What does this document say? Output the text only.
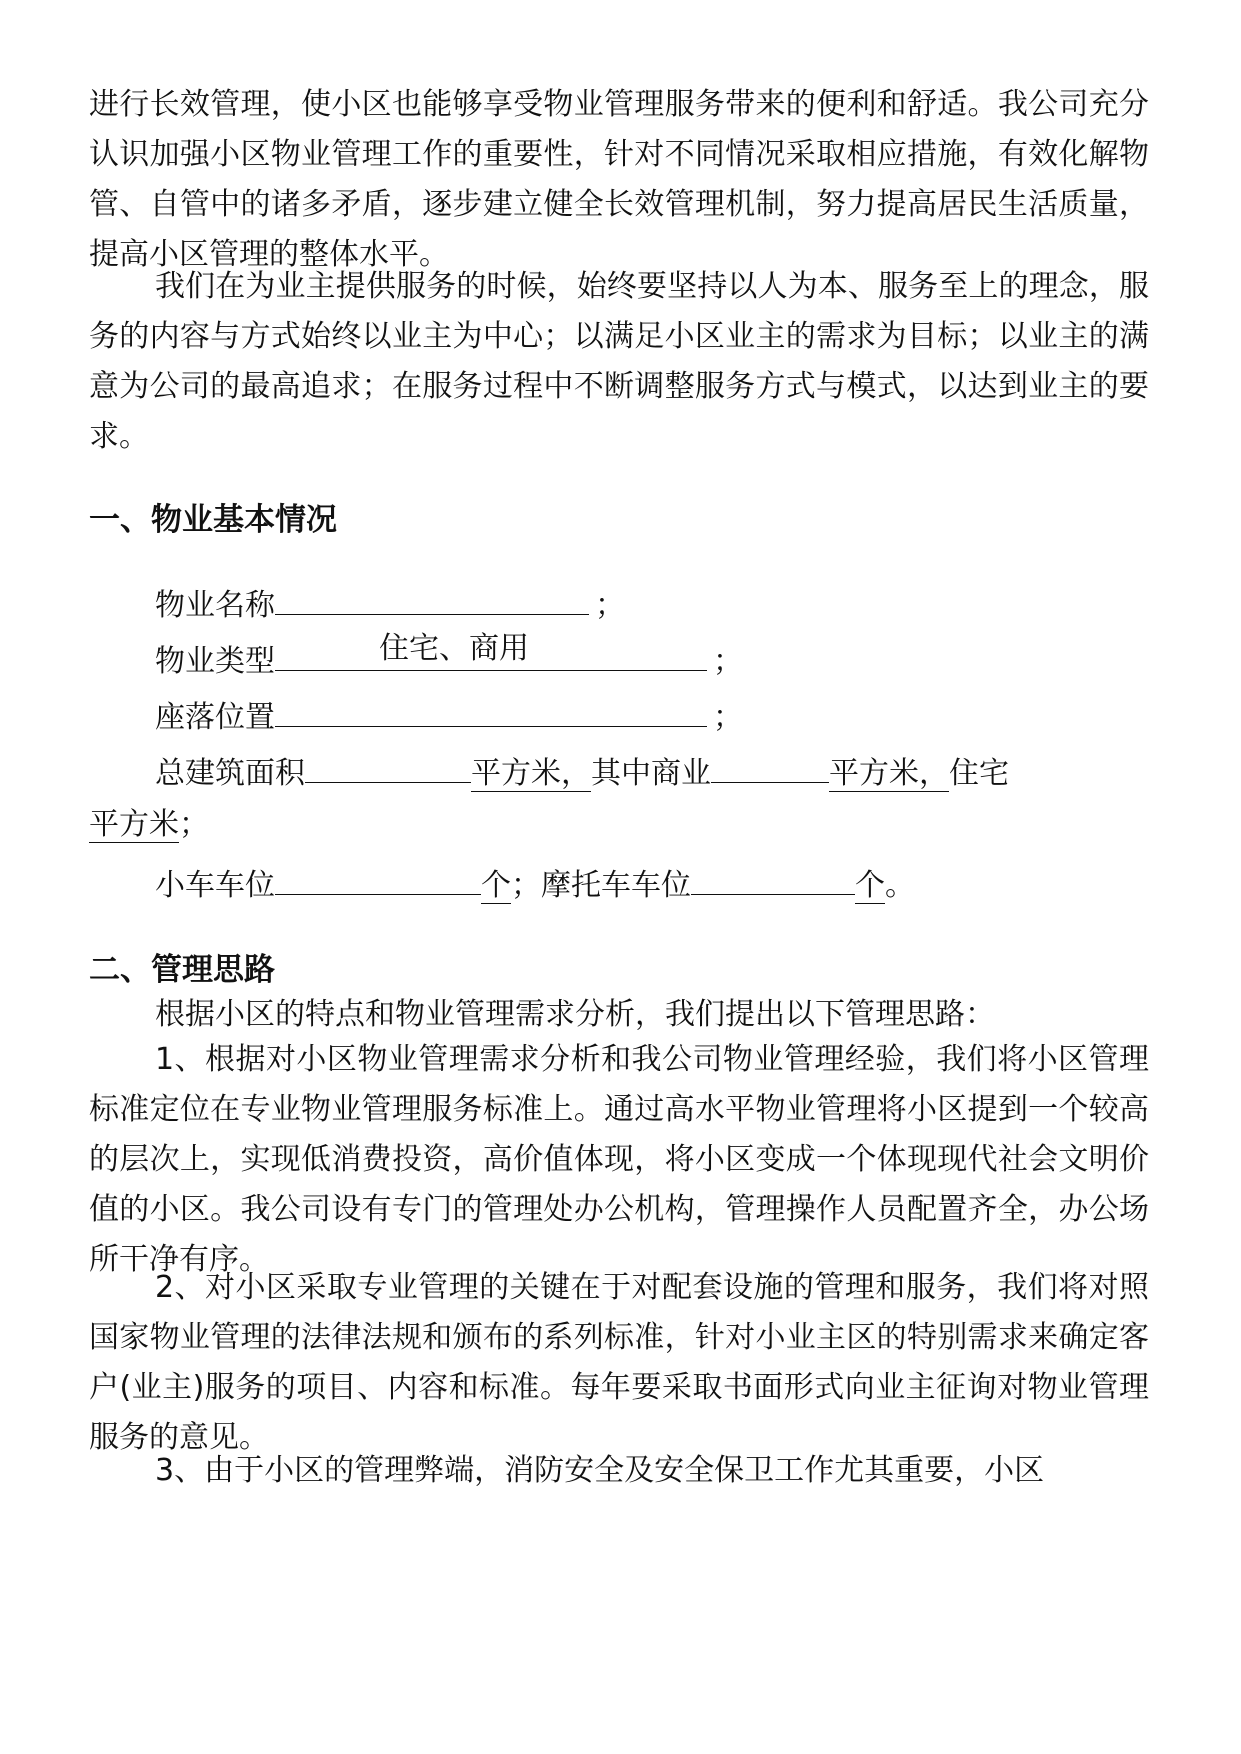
进行长效管理，使小区也能够享受物业管理服务带来的便利和舒适。我公司充分认识加强小区物业管理工作的重要性，针对不同情况采取相应措施，有效化解物管、自管中的诸多矛盾，逐步建立健全长效管理机制，努力提高居民生活质量，提高小区管理的整体水平。

我们在为业主提供服务的时候，始终要坚持以人为本、服务至上的理念，服务的内容与方式始终以业主为中心；以满足小区业主的需求为目标；以业主的满意为公司的最高追求；在服务过程中不断调整服务方式与模式，以达到业主的要求。

一、物业基本情况
物业名称	；
物业类型	住宅、商用	；
座落位置	；
总建筑面积	平方米，其中商业	平方米，住宅
平方米；
小车车位	个；摩托车车位	个。
二、管理思路

根据小区的特点和物业管理需求分析，我们提出以下管理思路：

1、根据对小区物业管理需求分析和我公司物业管理经验，我们将小区管理标准定位在专业物业管理服务标准上。通过高水平物业管理将小区提到一个较高的层次上，实现低消费投资，高价值体现，将小区变成一个体现现代社会文明价值的小区。我公司设有专门的管理处办公机构，管理操作人员配置齐全，办公场所干净有序。

2、对小区采取专业管理的关键在于对配套设施的管理和服务，我们将对照国家物业管理的法律法规和颁布的系列标准，针对小业主区的特别需求来确定客户(业主)服务的项目、内容和标准。每年要采取书面形式向业主征询对物业管理服务的意见。

3、由于小区的管理弊端，消防安全及安全保卫工作尤其重要，小区
